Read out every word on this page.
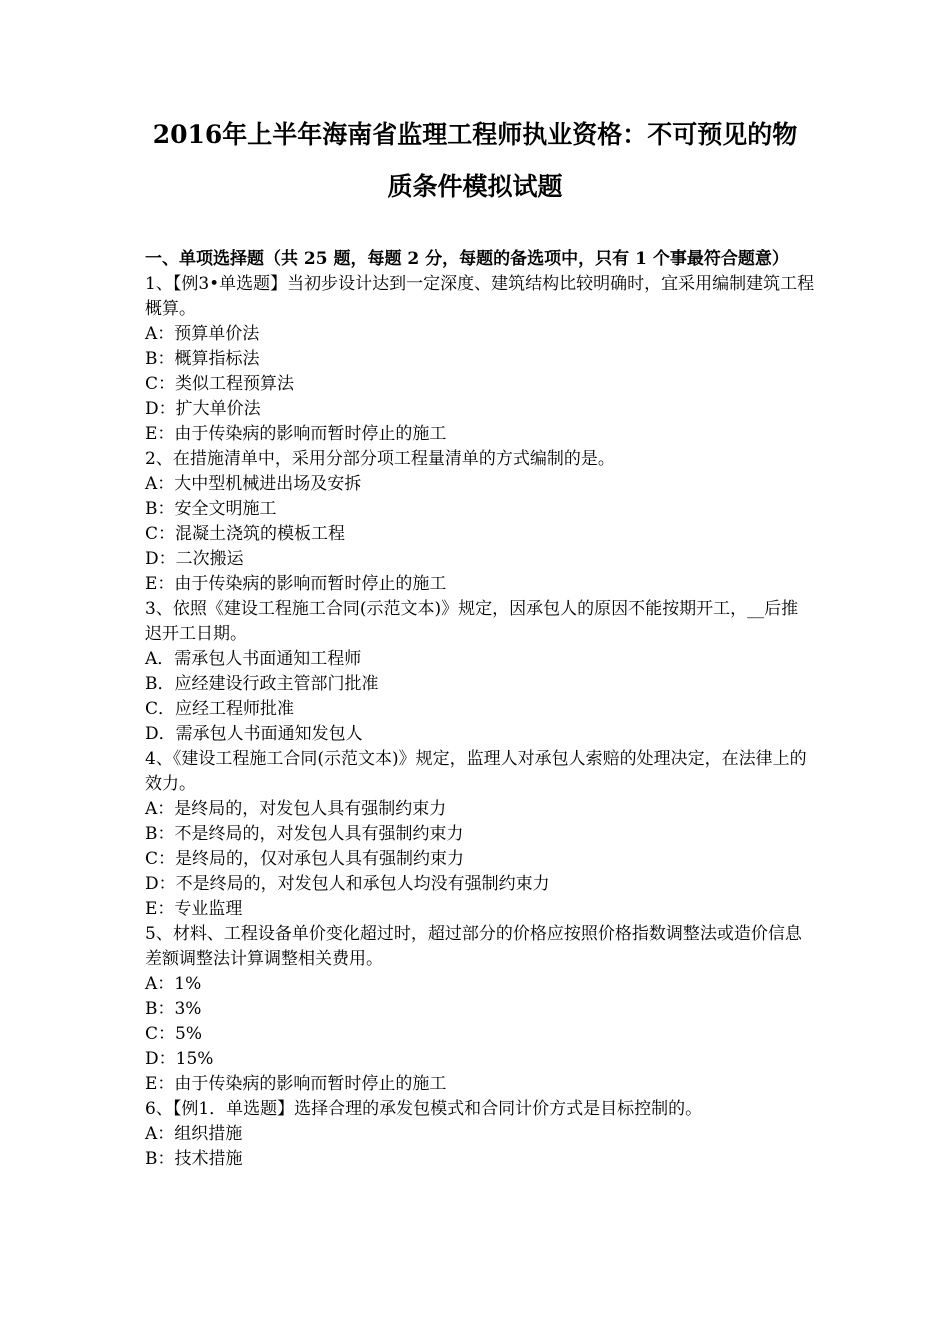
2016年上半年海南省监理工程师执业资格：不可预见的物
质条件模拟试题
一、单项选择题（共 25 题，每题 2 分，每题的备选项中，只有 1 个事最符合题意）
1、【例3•单选题】当初步设计达到一定深度、建筑结构比较明确时，宜采用编制建筑工程概算。
A：预算单价法
B：概算指标法
C：类似工程预算法
D：扩大单价法
E：由于传染病的影响而暂时停止的施工
2、在措施清单中，采用分部分项工程量清单的方式编制的是。
A：大中型机械进出场及安拆
B：安全文明施工
C：混凝土浇筑的模板工程
D：二次搬运
E：由于传染病的影响而暂时停止的施工
3、依照《建设工程施工合同(示范文本)》规定，因承包人的原因不能按期开工，__后推迟开工日期。
A．需承包人书面通知工程师
B．应经建设行政主管部门批准
C．应经工程师批准
D．需承包人书面通知发包人
4、《建设工程施工合同(示范文本)》规定，监理人对承包人索赔的处理决定，在法律上的效力。
A：是终局的，对发包人具有强制约束力
B：不是终局的，对发包人具有强制约束力
C：是终局的，仅对承包人具有强制约束力
D：不是终局的，对发包人和承包人均没有强制约束力
E：专业监理
5、材料、工程设备单价变化超过时，超过部分的价格应按照价格指数调整法或造价信息差额调整法计算调整相关费用。
A：1%
B：3%
C：5%
D：15%
E：由于传染病的影响而暂时停止的施工
6、【例1．单选题】选择合理的承发包模式和合同计价方式是目标控制的。
A：组织措施
B：技术措施
